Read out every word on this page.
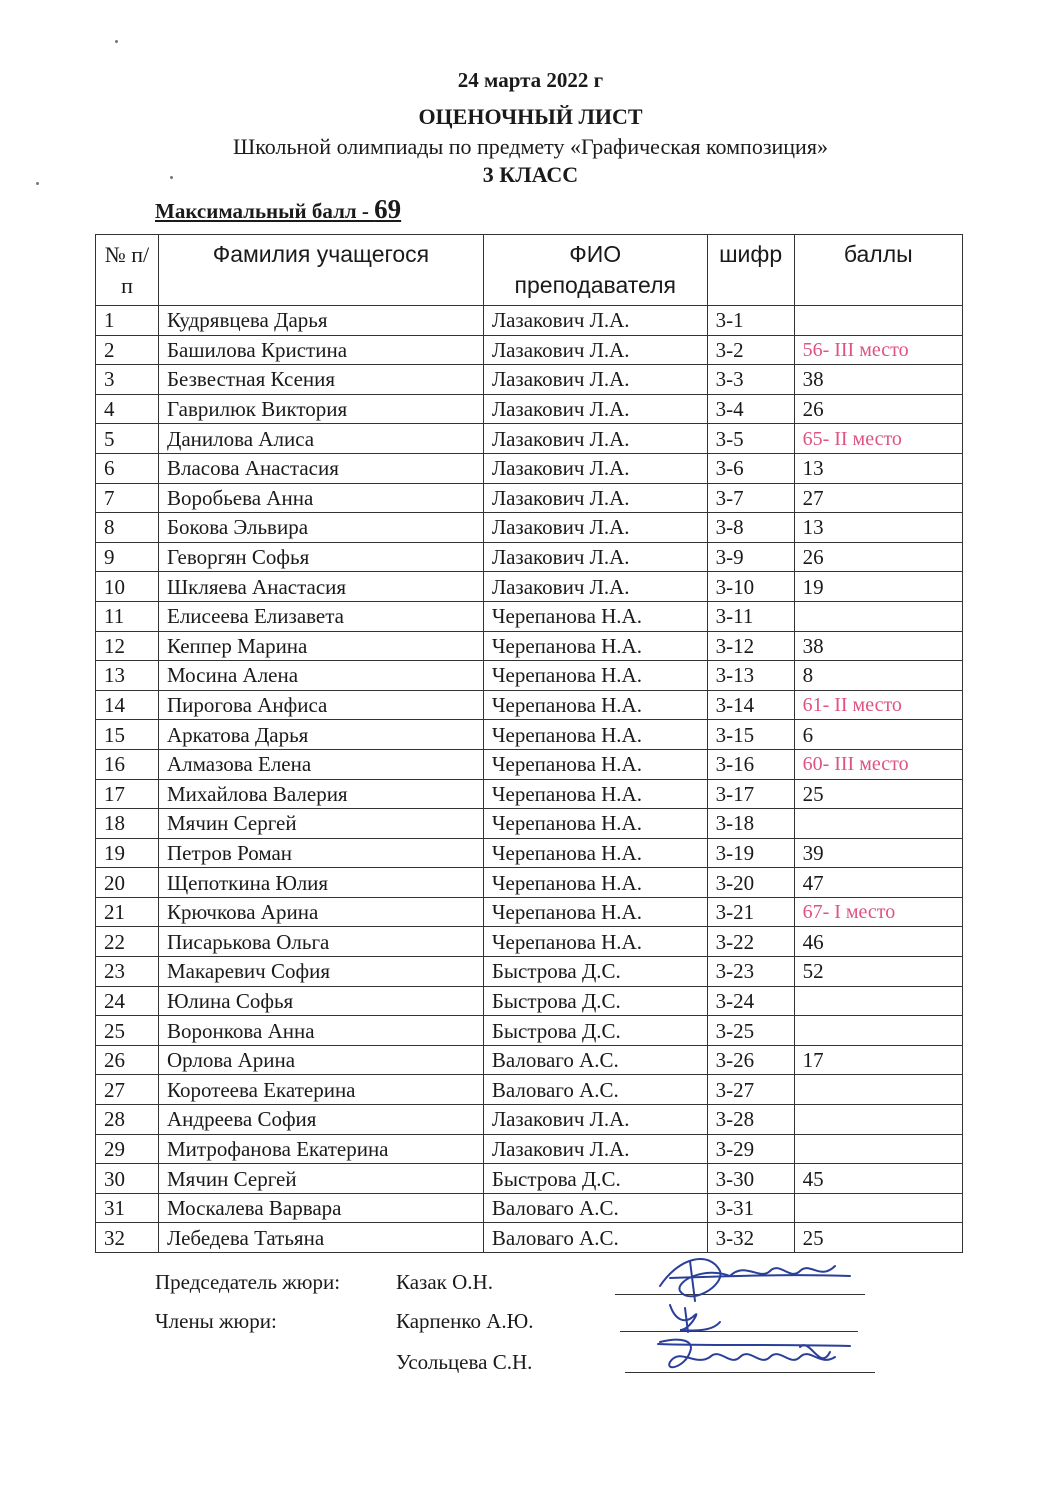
24 марта 2022 г
ОЦЕНОЧНЫЙ ЛИСТ
Школьной олимпиады по предмету «Графическая композиция»
3 КЛАСС
Максимальный балл - 69
№ п/п	Фамилия учащегося	ФИО преподавателя	шифр	баллы
1	Кудрявцева Дарья	Лазакович Л.А.	3-1	
2	Башилова Кристина	Лазакович Л.А.	3-2	56- III место
3	Безвестная Ксения	Лазакович Л.А.	3-3	38
4	Гаврилюк Виктория	Лазакович Л.А.	3-4	26
5	Данилова Алиса	Лазакович Л.А.	3-5	65- II место
6	Власова Анастасия	Лазакович Л.А.	3-6	13
7	Воробьева Анна	Лазакович Л.А.	3-7	27
8	Бокова Эльвира	Лазакович Л.А.	3-8	13
9	Геворгян Софья	Лазакович Л.А.	3-9	26
10	Шкляева Анастасия	Лазакович Л.А.	3-10	19
11	Елисеева Елизавета	Черепанова Н.А.	3-11	
12	Кеппер Марина	Черепанова Н.А.	3-12	38
13	Мосина Алена	Черепанова Н.А.	3-13	8
14	Пирогова Анфиса	Черепанова Н.А.	3-14	61- II место
15	Аркатова Дарья	Черепанова Н.А.	3-15	6
16	Алмазова Елена	Черепанова Н.А.	3-16	60- III место
17	Михайлова Валерия	Черепанова Н.А.	3-17	25
18	Мячин Сергей	Черепанова Н.А.	3-18	
19	Петров Роман	Черепанова Н.А.	3-19	39
20	Щепоткина Юлия	Черепанова Н.А.	3-20	47
21	Крючкова Арина	Черепанова Н.А.	3-21	67- I место
22	Писарькова Ольга	Черепанова Н.А.	3-22	46
23	Макаревич София	Быстрова Д.С.	3-23	52
24	Юлина Софья	Быстрова Д.С.	3-24	
25	Воронкова Анна	Быстрова Д.С.	3-25	
26	Орлова Арина	Валоваго А.С.	3-26	17
27	Коротеева Екатерина	Валоваго А.С.	3-27	
28	Андреева София	Лазакович Л.А.	3-28	
29	Митрофанова Екатерина	Лазакович Л.А.	3-29	
30	Мячин Сергей	Быстрова Д.С.	3-30	45
31	Москалева Варвара	Валоваго А.С.	3-31	
32	Лебедева Татьяна	Валоваго А.С.	3-32	25
Председатель жюри:	Казак О.Н.
Члены жюри:	Карпенко А.Ю.
Усольцева С.Н.
